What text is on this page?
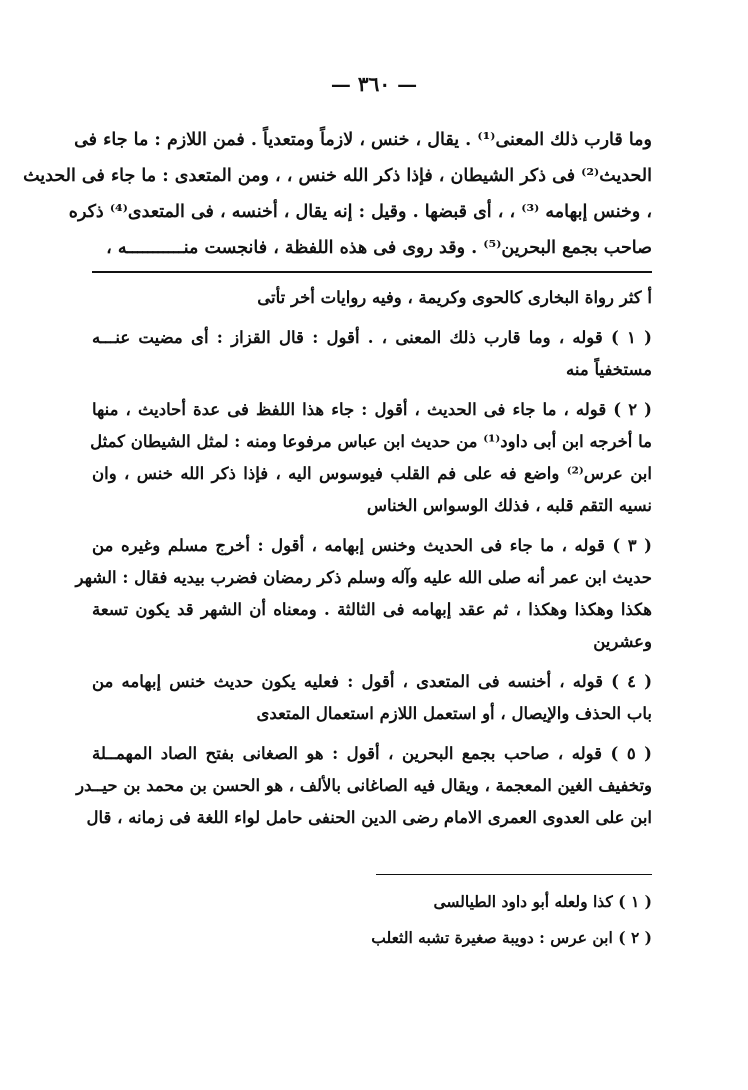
— ٣٦٠ —
وما قارب ذلك المعنى⁽¹⁾ . يقال ، خنس ، لازماً ومتعدياً . فمن اللازم : ما جاء فى
الحديث⁽²⁾ فى ذكر الشيطان ، فإذا ذكر الله خنس ، ، ومن المتعدى : ما جاء فى الحديث
، وخنس إبهامه ⁽³⁾ ، ، أى قبضها . وقيل : إنه يقال ، أخنسه ، فى المتعدى⁽⁴⁾ ذكره
صاحب بجمع البحرين⁽⁵⁾ . وقد روى فى هذه اللفظة ، فانجست منـــــــــــه ،
أ كثر رواة البخارى كالحوى وكريمة ، وفيه روايات أخر تأتى
( ١ ) قوله ، وما قارب ذلك المعنى ، . أقول : قال القزاز : أى مضيت عنـــه
مستخفياً منه
( ٢ ) قوله ، ما جاء فى الحديث ، أقول : جاء هذا اللفظ فى عدة أحاديث ، منها
ما أخرجه ابن أبى داود⁽¹⁾ من حديث ابن عباس مرفوعا ومنه : لمثل الشيطان كمثل
ابن عرس⁽²⁾ واضع فه على فم القلب فيوسوس اليه ، فإذا ذكر الله خنس ، وان
نسيه التقم قلبه ، فذلك الوسواس الخناس
( ٣ ) قوله ، ما جاء فى الحديث وخنس إبهامه ، أقول : أخرج مسلم وغيره من
حديث ابن عمر أنه صلى الله عليه وآله وسلم ذكر رمضان فضرب بيديه فقال : الشهر
هكذا وهكذا وهكذا ، ثم عقد إبهامه فى الثالثة . ومعناه أن الشهر قد يكون تسعة
وعشرين
( ٤ ) قوله ، أخنسه فى المتعدى ، أقول : فعليه يكون حديث خنس إبهامه من
باب الحذف والإيصال ، أو استعمل اللازم استعمال المتعدى
( ٥ ) قوله ، صاحب بجمع البحرين ، أقول : هو الصغانى بفتح الصاد المهمــلة
وتخفيف الغين المعجمة ، ويقال فيه الصاغانى بالألف ، هو الحسن بن محمد بن حيــدر
ابن على العدوى العمرى الامام رضى الدين الحنفى حامل لواء اللغة فى زمانه ، قال
( ١ ) كذا ولعله أبو داود الطيالسى
( ٢ ) ابن عرس : دويبة صغيرة تشبه الثعلب
